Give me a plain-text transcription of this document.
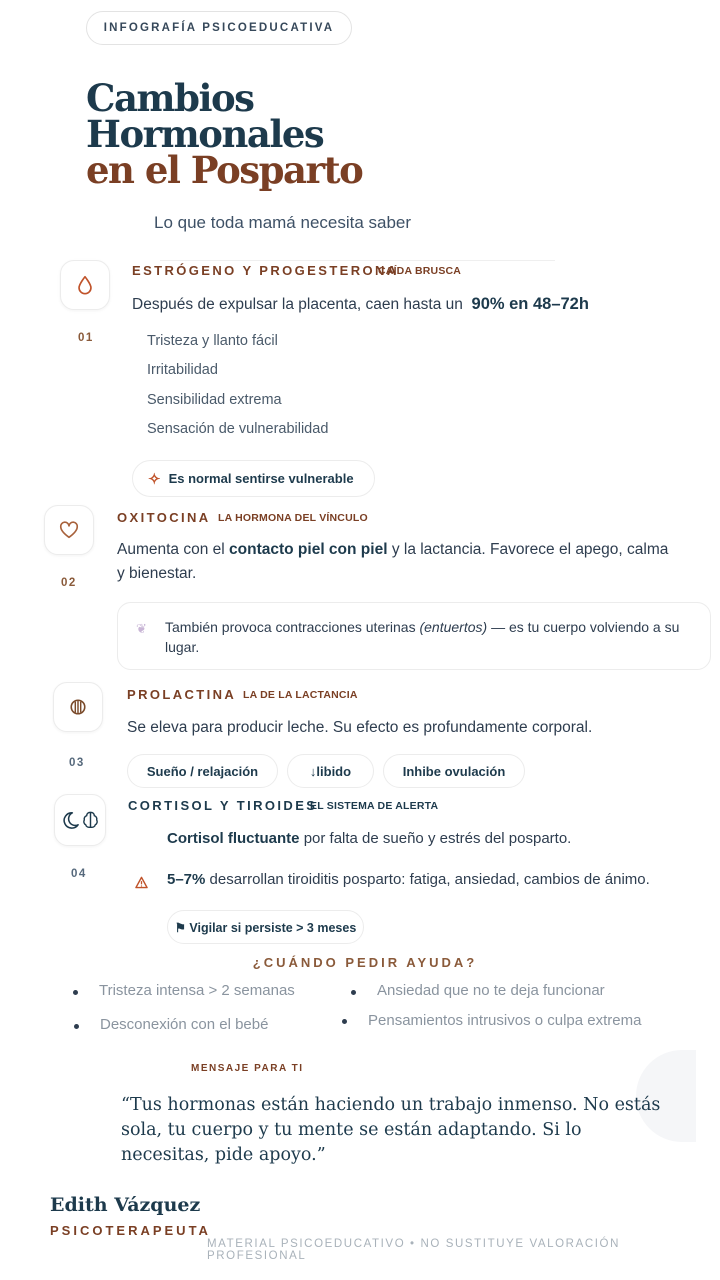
INFOGRAFÍA PSICOEDUCATIVA
Cambios
Hormonales
en el Posparto
Lo que toda mamá necesita saber
01
ESTRÓGENO Y PROGESTERONA
CAÍDA BRUSCA
Después de expulsar la placenta, caen hasta un 90% en 48–72h
Tristeza y llanto fácil
Irritabilidad
Sensibilidad extrema
Sensación de vulnerabilidad
✧ Es normal sentirse vulnerable
02
OXITOCINA LA HORMONA DEL VÍNCULO
Aumenta con el contacto piel con piel y la lactancia. Favorece el apego, calma y bienestar.
❦ También provoca contracciones uterinas (entuertos) — es tu cuerpo volviendo a su lugar.
03
PROLACTINA LA DE LA LACTANCIA
Se eleva para producir leche. Su efecto es profundamente corporal.
Sueño / relajación	↓libido	Inhibe ovulación
04
CORTISOL Y TIROIDES
EL SISTEMA DE ALERTA
Cortisol fluctuante por falta de sueño y estrés del posparto.
5–7% desarrollan tiroiditis posparto: fatiga, ansiedad, cambios de ánimo.
⚑ Vigilar si persiste > 3 meses
¿CUÁNDO PEDIR AYUDA?
Tristeza intensa > 2 semanas	Ansiedad que no te deja funcionar
Desconexión con el bebé	Pensamientos intrusivos o culpa extrema
MENSAJE PARA TI
“Tus hormonas están haciendo un trabajo inmenso. No estás sola, tu cuerpo y tu mente se están adaptando. Si lo necesitas, pide apoyo.”
Edith Vázquez
PSICOTERAPEUTA
MATERIAL PSICOEDUCATIVO • NO SUSTITUYE VALORACIÓN PROFESIONAL
